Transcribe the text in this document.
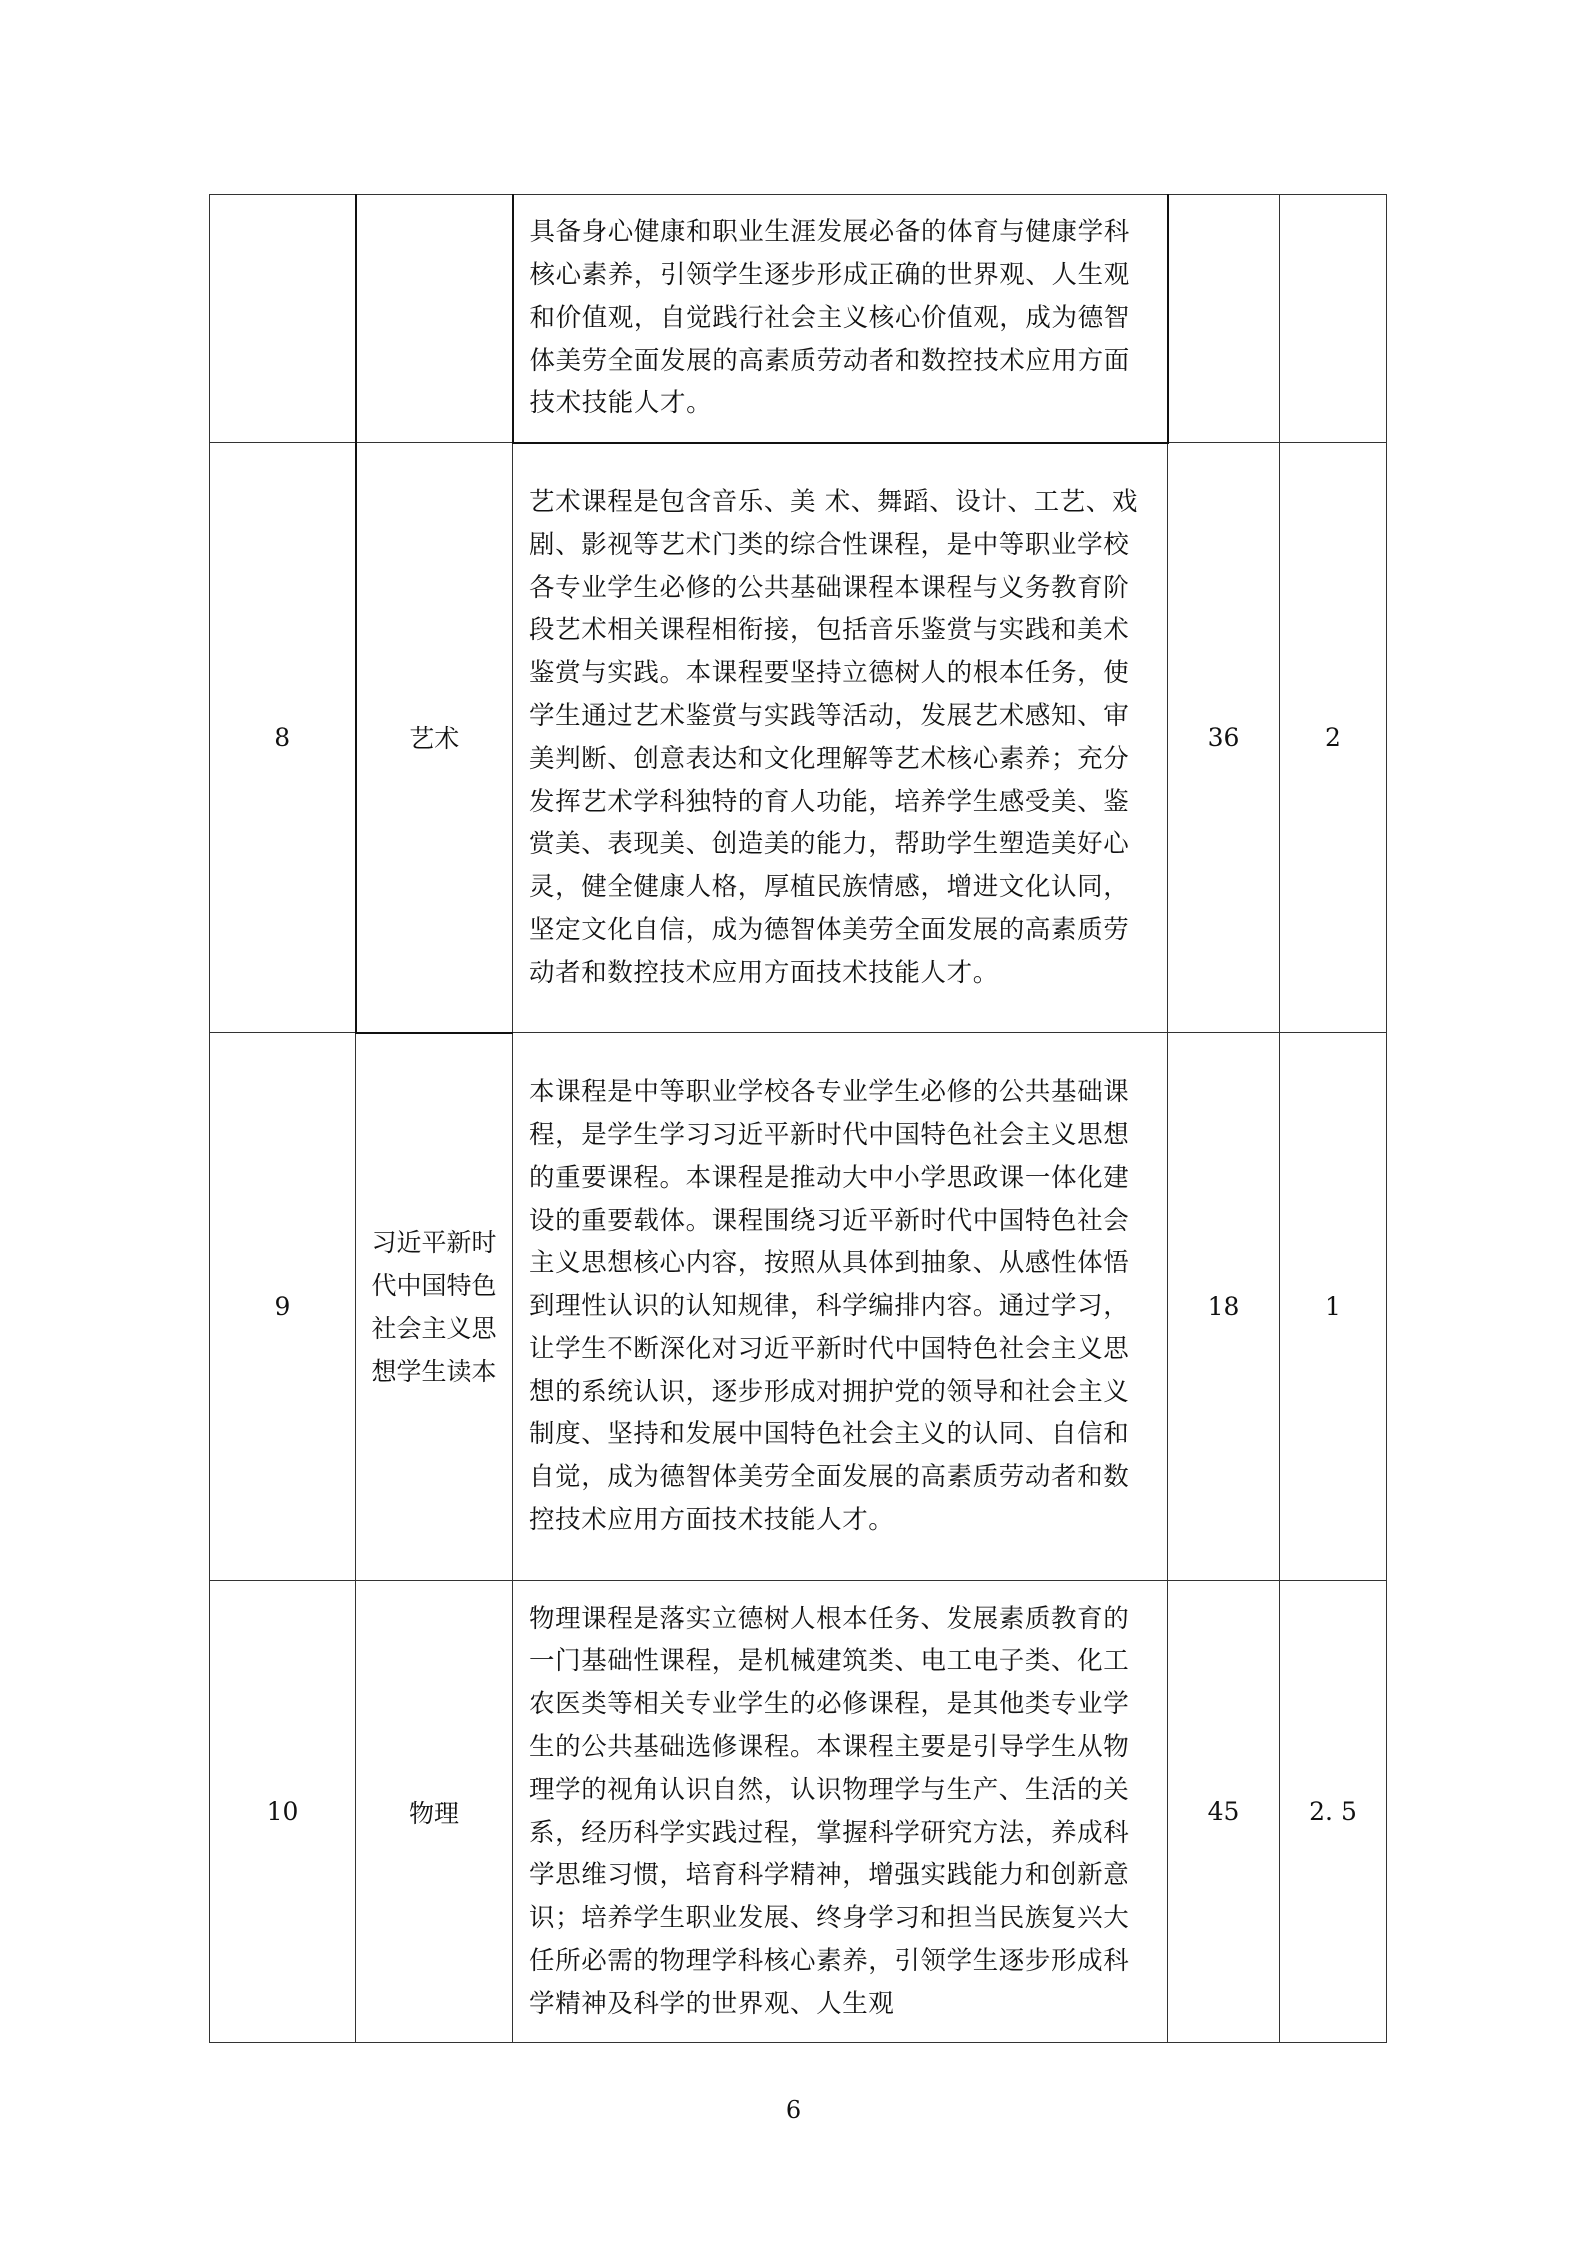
		具备身心健康和职业生涯发展必备的体育与健康学科核心素养，引领学生逐步形成正确的世界观、人生观和价值观，自觉践行社会主义核心价值观，成为德智体美劳全面发展的高素质劳动者和数控技术应用方面技术技能人才。		
8	艺术	艺术课程是包含音乐、美 术、舞蹈、设计、工艺、戏剧、影视等艺术门类的综合性课程，是中等职业学校各专业学生必修的公共基础课程本课程与义务教育阶段艺术相关课程相衔接，包括音乐鉴赏与实践和美术鉴赏与实践。本课程要坚持立德树人的根本任务，使学生通过艺术鉴赏与实践等活动，发展艺术感知、审美判断、创意表达和文化理解等艺术核心素养；充分发挥艺术学科独特的育人功能，培养学生感受美、鉴赏美、表现美、创造美的能力，帮助学生塑造美好心灵，健全健康人格，厚植民族情感，增进文化认同，坚定文化自信，成为德智体美劳全面发展的高素质劳动者和数控技术应用方面技术技能人才。	36	2
9	习近平新时代中国特色社会主义思想学生读本	本课程是中等职业学校各专业学生必修的公共基础课程，是学生学习习近平新时代中国特色社会主义思想的重要课程。本课程是推动大中小学思政课一体化建设的重要载体。课程围绕习近平新时代中国特色社会主义思想核心内容，按照从具体到抽象、从感性体悟到理性认识的认知规律，科学编排内容。通过学习，让学生不断深化对习近平新时代中国特色社会主义思想的系统认识，逐步形成对拥护党的领导和社会主义制度、坚持和发展中国特色社会主义的认同、自信和自觉，成为德智体美劳全面发展的高素质劳动者和数控技术应用方面技术技能人才。	18	1
10	物理	物理课程是落实立德树人根本任务、发展素质教育的一门基础性课程，是机械建筑类、电工电子类、化工农医类等相关专业学生的必修课程，是其他类专业学生的公共基础选修课程。本课程主要是引导学生从物理学的视角认识自然，认识物理学与生产、生活的关系，经历科学实践过程，掌握科学研究方法，养成科学思维习惯，培育科学精神，增强实践能力和创新意识；培养学生职业发展、终身学习和担当民族复兴大任所必需的物理学科核心素养，引领学生逐步形成科学精神及科学的世界观、人生观	45	2. 5
6
